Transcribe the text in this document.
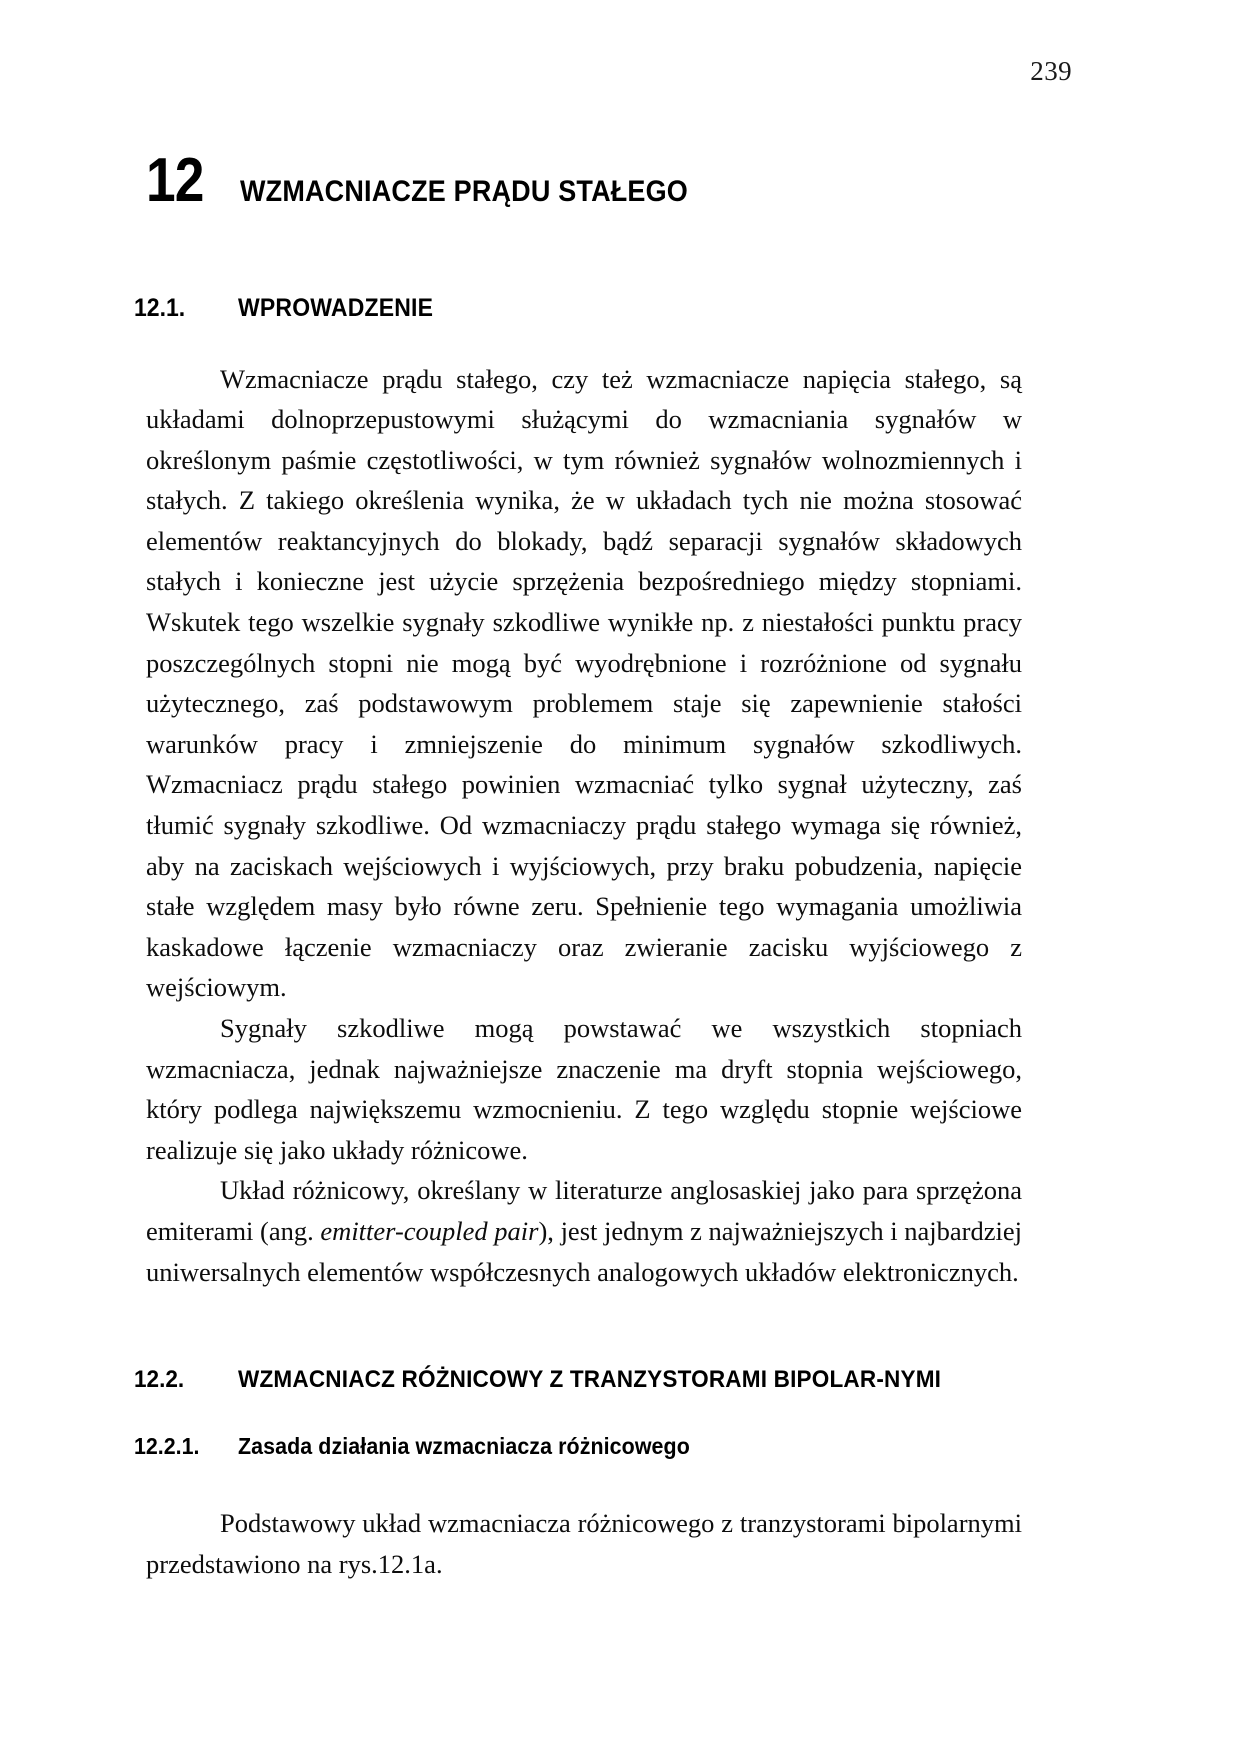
239
12	WZMACNIACZE PRĄDU STAŁEGO
12.1.	WPROWADZENIE

Wzmacniacze prądu stałego, czy też wzmacniacze napięcia stałego, są układami dolnoprzepustowymi służącymi do wzmacniania sygnałów w określonym paśmie częstotliwości, w tym również sygnałów wolnozmiennych i stałych. Z takiego określenia wynika, że w układach tych nie można stosować elementów reaktancyjnych do blokady, bądź separacji sygnałów składowych stałych i konieczne jest użycie sprzężenia bezpośredniego między stopniami. Wskutek tego wszelkie sygnały szkodliwe wynikłe np. z niestałości punktu pracy poszczególnych stopni nie mogą być wyodrębnione i rozróżnione od sygnału użytecznego, zaś podstawowym problemem staje się zapewnienie stałości warunków pracy i zmniejszenie do minimum sygnałów szkodliwych. Wzmacniacz prądu stałego powinien wzmacniać tylko sygnał użyteczny, zaś tłumić sygnały szkodliwe. Od wzmacniaczy prądu stałego wymaga się również, aby na zaciskach wejściowych i wyjściowych, przy braku pobudzenia, napięcie stałe względem masy było równe zeru. Spełnienie tego wymagania umożliwia kaskadowe łączenie wzmacniaczy oraz zwieranie zacisku wyjściowego z wejściowym.

Sygnały szkodliwe mogą powstawać we wszystkich stopniach wzmacniacza, jednak najważniejsze znaczenie ma dryft stopnia wejściowego, który podlega największemu wzmocnieniu. Z tego względu stopnie wejściowe realizuje się jako układy różnicowe.

Układ różnicowy, określany w literaturze anglosaskiej jako para sprzężona emiterami (ang. emitter-coupled pair), jest jednym z najważniejszych i najbardziej uniwersalnych elementów współczesnych analogowych układów elektronicznych.

12.2.	WZMACNIACZ RÓŻNICOWY Z TRANZYSTORAMI BIPOLAR-NYMI
12.2.1.	Zasada działania wzmacniacza różnicowego

Podstawowy układ wzmacniacza różnicowego z tranzystorami bipolarnymi przedstawiono na rys.12.1a.
